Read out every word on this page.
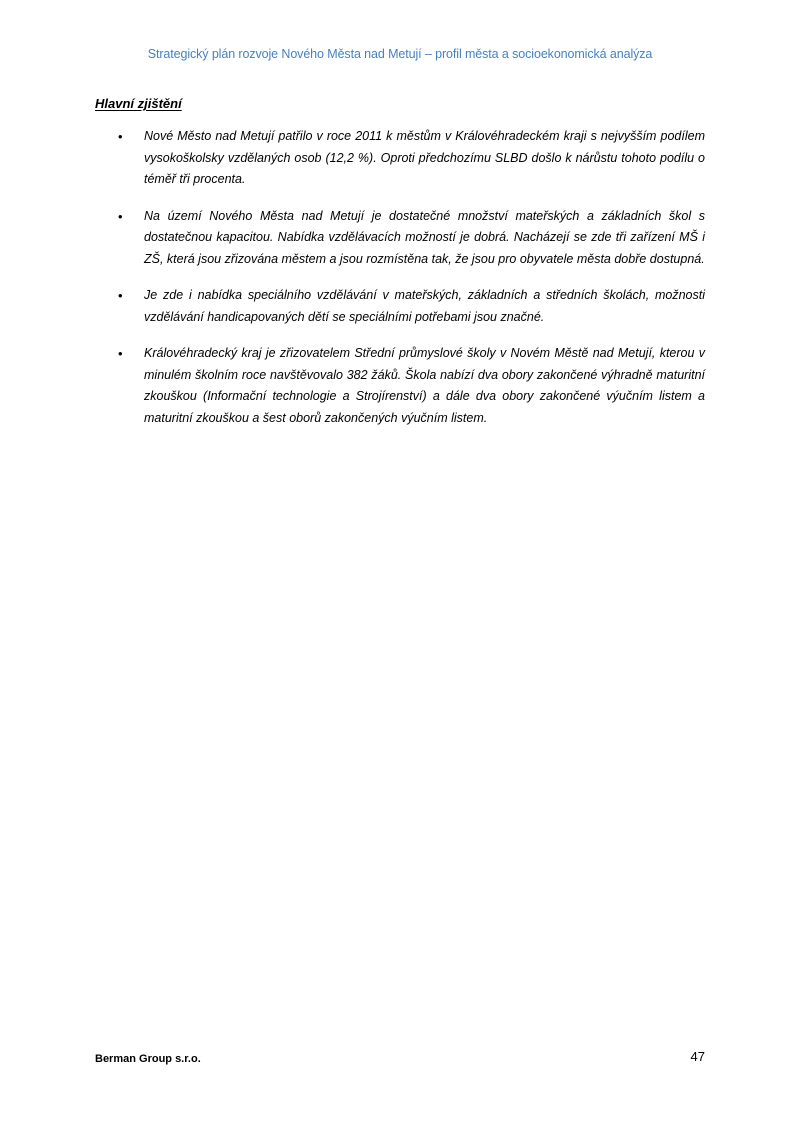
Strategický plán rozvoje Nového Města nad Metují – profil města a socioekonomická analýza
Hlavní zjištění
• Nové Město nad Metují patřilo v roce 2011 k městům v Královéhradeckém kraji s nejvyšším podílem vysokoškolsky vzdělaných osob (12,2 %). Oproti předchozímu SLBD došlo k nárůstu tohoto podílu o téměř tři procenta.
• Na území Nového Města nad Metují je dostatečné množství mateřských a základních škol s dostatečnou kapacitou. Nabídka vzdělávacích možností je dobrá. Nacházejí se zde tři zařízení MŠ i ZŠ, která jsou zřizována městem a jsou rozmístěna tak, že jsou pro obyvatele města dobře dostupná.
• Je zde i nabídka speciálního vzdělávání v mateřských, základních a středních školách, možnosti vzdělávání handicapovaných dětí se speciálními potřebami jsou značné.
• Královéhradecký kraj je zřizovatelem Střední průmyslové školy v Novém Městě nad Metují, kterou v minulém školním roce navštěvovalo 382 žáků. Škola nabízí dva obory zakončené výhradně maturitní zkouškou (Informační technologie a Strojírenství) a dále dva obory zakončené výučním listem a maturitní zkouškou a šest oborů zakončených výučním listem.
Berman Group s.r.o.	47
